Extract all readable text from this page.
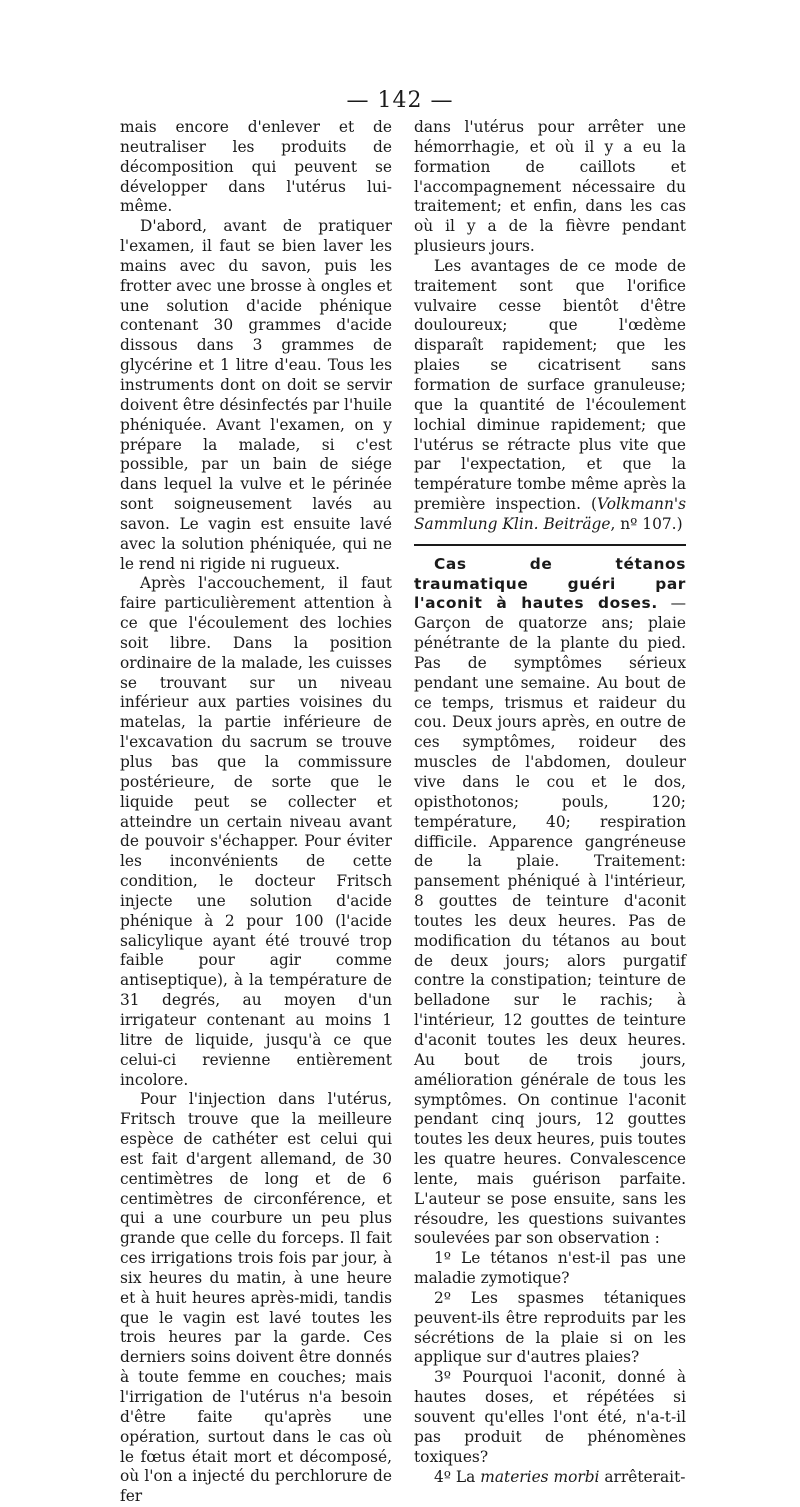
— 142 —

mais encore d'enlever et de neutraliser les produits de décomposition qui peuvent se développer dans l'utérus lui-même.

D'abord, avant de pratiquer l'examen, il faut se bien laver les mains avec du savon, puis les frotter avec une brosse à ongles et une solution d'acide phénique contenant 30 grammes d'acide dissous dans 3 grammes de glycérine et 1 litre d'eau. Tous les instruments dont on doit se servir doivent être désinfectés par l'huile phéniquée. Avant l'examen, on y prépare la malade, si c'est possible, par un bain de siége dans lequel la vulve et le périnée sont soigneusement lavés au savon. Le vagin est ensuite lavé avec la solution phéniquée, qui ne le rend ni rigide ni rugueux.

Après l'accouchement, il faut faire particulièrement attention à ce que l'écoulement des lochies soit libre. Dans la position ordinaire de la malade, les cuisses se trouvant sur un niveau inférieur aux parties voisines du matelas, la partie inférieure de l'excavation du sacrum se trouve plus bas que la commissure postérieure, de sorte que le liquide peut se collecter et atteindre un certain niveau avant de pouvoir s'échapper. Pour éviter les inconvénients de cette condition, le docteur Fritsch injecte une solution d'acide phénique à 2 pour 100 (l'acide salicylique ayant été trouvé trop faible pour agir comme antiseptique), à la température de 31 degrés, au moyen d'un irrigateur contenant au moins 1 litre de liquide, jusqu'à ce que celui-ci revienne entièrement incolore.

Pour l'injection dans l'utérus, Fritsch trouve que la meilleure espèce de cathéter est celui qui est fait d'argent allemand, de 30 centimètres de long et de 6 centimètres de circonférence, et qui a une courbure un peu plus grande que celle du forceps. Il fait ces irrigations trois fois par jour, à six heures du matin, à une heure et à huit heures après-midi, tandis que le vagin est lavé toutes les trois heures par la garde. Ces derniers soins doivent être donnés à toute femme en couches; mais l'irrigation de l'utérus n'a besoin d'être faite qu'après une opération, surtout dans le cas où le fœtus était mort et décomposé, où l'on a injecté du perchlorure de fer

dans l'utérus pour arrêter une hémorrhagie, et où il y a eu la formation de caillots et l'accompagnement nécessaire du traitement; et enfin, dans les cas où il y a de la fièvre pendant plusieurs jours.

Les avantages de ce mode de traitement sont que l'orifice vulvaire cesse bientôt d'être douloureux; que l'œdème disparaît rapidement; que les plaies se cicatrisent sans formation de surface granuleuse; que la quantité de l'écoulement lochial diminue rapidement; que l'utérus se rétracte plus vite que par l'expectation, et que la température tombe même après la première inspection. (Volkmann's Sammlung Klin. Beiträge, nº 107.)

Cas de tétanos traumatique guéri par l'aconit à hautes doses. — Garçon de quatorze ans; plaie pénétrante de la plante du pied. Pas de symptômes sérieux pendant une semaine. Au bout de ce temps, trismus et raideur du cou. Deux jours après, en outre de ces symptômes, roideur des muscles de l'abdomen, douleur vive dans le cou et le dos, opisthotonos; pouls, 120; température, 40; respiration difficile. Apparence gangréneuse de la plaie. Traitement: pansement phéniqué à l'intérieur, 8 gouttes de teinture d'aconit toutes les deux heures. Pas de modification du tétanos au bout de deux jours; alors purgatif contre la constipation; teinture de belladone sur le rachis; à l'intérieur, 12 gouttes de teinture d'aconit toutes les deux heures. Au bout de trois jours, amélioration générale de tous les symptômes. On continue l'aconit pendant cinq jours, 12 gouttes toutes les deux heures, puis toutes les quatre heures. Convalescence lente, mais guérison parfaite. L'auteur se pose ensuite, sans les résoudre, les questions suivantes soulevées par son observation :

1º Le tétanos n'est-il pas une maladie zymotique?

2º Les spasmes tétaniques peuvent-ils être reproduits par les sécrétions de la plaie si on les applique sur d'autres plaies?

3º Pourquoi l'aconit, donné à hautes doses, et répétées si souvent qu'elles l'ont été, n'a-t-il pas produit de phénomènes toxiques?

4º La materies morbi arrêterait-
